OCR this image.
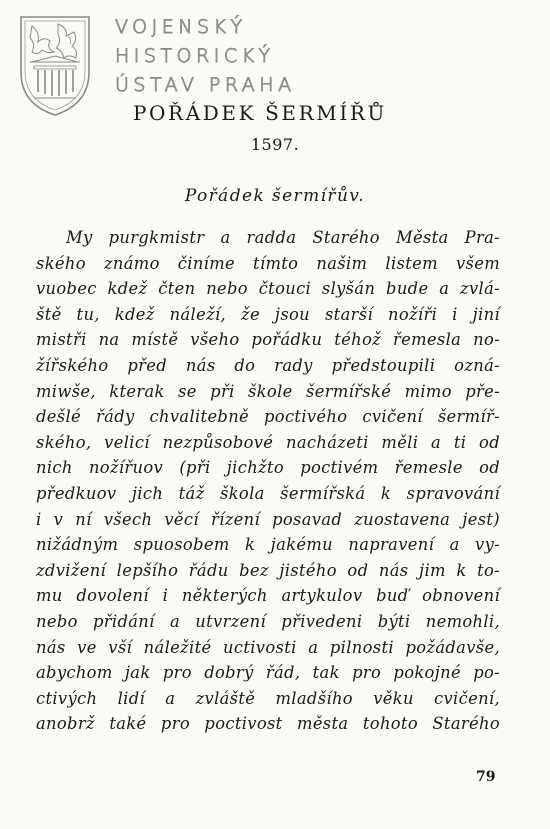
VOJENSKÝ
HISTORICKÝ
ÚSTAV PRAHA
POŘÁDEK ŠERMÍŘŮ
1597.
Pořádek šermířův.
My purgkmistr a radda Starého Města Pra-
ského známo činíme tímto našim listem všem
vuobec kdež čten nebo čtouci slyšán bude a zvlá-
ště tu, kdež náleží, že jsou starší nožíři i jiní
mistři na místě všeho pořádku téhož řemesla no-
žířského před nás do rady předstoupili ozná-
miwše, kterak se při škole šermířské mimo pře-
dešlé řády chvalitebně poctivého cvičení šermíř-
ského, velicí nezpůsobové nacházeti měli a ti od
nich nožířuov (při jichžto poctivém řemesle od
předkuov jich táž škola šermířská k spravování
i v ní všech věcí řízení posavad zuostavena jest)
nižádným spuosobem k jakému napravení a vy-
zdvižení lepšího řádu bez jistého od nás jim k to-
mu dovolení i některých artykulov buď obnovení
nebo přidání a utvrzení přivedeni býti nemohli,
nás ve vší náležité uctivosti a pilnosti požádavše,
abychom jak pro dobrý řád, tak pro pokojné po-
ctivých lidí a zvláště mladšího věku cvičení,
anobrž také pro poctivost města tohoto Starého
79
